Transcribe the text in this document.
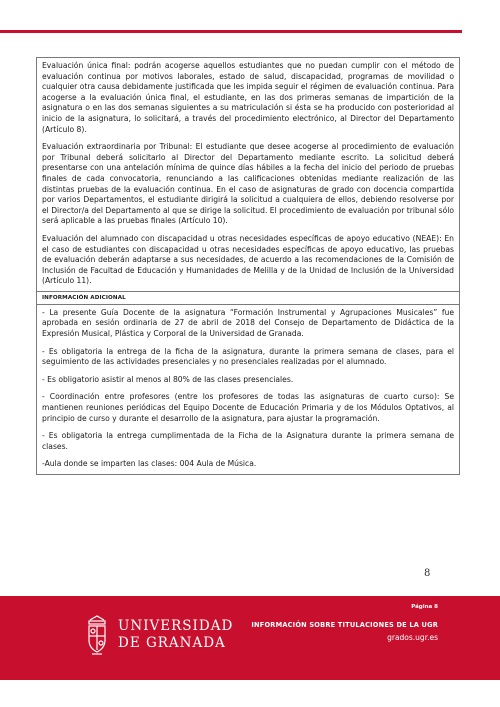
Evaluación única final: podrán acogerse aquellos estudiantes que no puedan cumplir con el método de evaluación continua por motivos laborales, estado de salud, discapacidad, programas de movilidad o cualquier otra causa debidamente justificada que les impida seguir el régimen de evaluación continua. Para acogerse a la evaluación única final, el estudiante, en las dos primeras semanas de impartición de la asignatura o en las dos semanas siguientes a su matriculación si ésta se ha producido con posterioridad al inicio de la asignatura, lo solicitará, a través del procedimiento electrónico, al Director del Departamento (Artículo 8).

Evaluación extraordinaria por Tribunal: El estudiante que desee acogerse al procedimiento de evaluación por Tribunal deberá solicitarlo al Director del Departamento mediante escrito. La solicitud deberá presentarse con una antelación mínima de quince días hábiles a la fecha del inicio del periodo de pruebas finales de cada convocatoria, renunciando a las calificaciones obtenidas mediante realización de las distintas pruebas de la evaluación continua. En el caso de asignaturas de grado con docencia compartida por varios Departamentos, el estudiante dirigirá la solicitud a cualquiera de ellos, debiendo resolverse por el Director/a del Departamento al que se dirige la solicitud. El procedimiento de evaluación por tribunal sólo será aplicable a las pruebas finales (Artículo 10).

Evaluación del alumnado con discapacidad u otras necesidades específicas de apoyo educativo (NEAE): En el caso de estudiantes con discapacidad u otras necesidades específicas de apoyo educativo, las pruebas de evaluación deberán adaptarse a sus necesidades, de acuerdo a las recomendaciones de la Comisión de Inclusión de Facultad de Educación y Humanidades de Melilla y de la Unidad de Inclusión de la Universidad (Artículo 11).

INFORMACIÓN ADICIONAL

- La presente Guía Docente de la asignatura “Formación Instrumental y Agrupaciones Musicales” fue aprobada en sesión ordinaria de 27 de abril de 2018 del Consejo de Departamento de Didáctica de la Expresión Musical, Plástica y Corporal de la Universidad de Granada.

- Es obligatoria la entrega de la ficha de la asignatura, durante la primera semana de clases, para el seguimiento de las actividades presenciales y no presenciales realizadas por el alumnado.

- Es obligatorio asistir al menos al 80% de las clases presenciales.

- Coordinación entre profesores (entre los profesores de todas las asignaturas de cuarto curso): Se mantienen reuniones periódicas del Equipo Docente de Educación Primaria y de los Módulos Optativos, al principio de curso y durante el desarrollo de la asignatura, para ajustar la programación.

- Es obligatoria la entrega cumplimentada de la Ficha de la Asignatura durante la primera semana de clases.

-Aula donde se imparten las clases: 004 Aula de Música.

8
UNIVERSIDAD
DE GRANADA
Página 8
INFORMACIÓN SOBRE TITULACIONES DE LA UGR
grados.ugr.es
